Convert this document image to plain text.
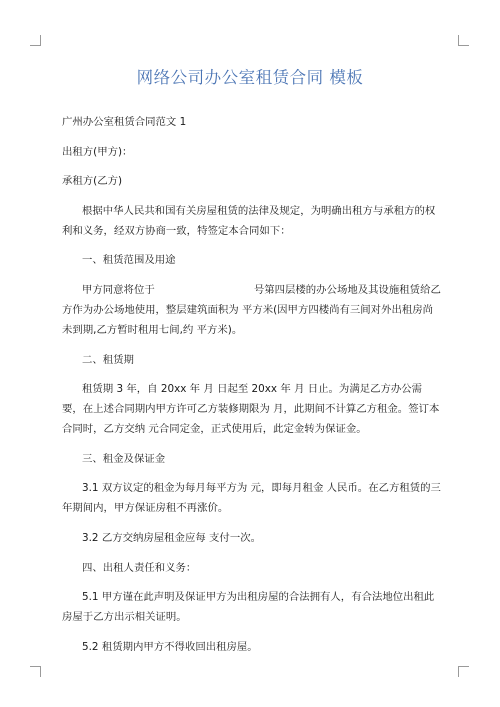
网络公司办公室租赁合同 模板

广州办公室租赁合同范文 1

出租方(甲方)：

承租方(乙方)

根据中华人民共和国有关房屋租赁的法律及规定，为明确出租方与承租方的权利和义务，经双方协商一致，特签定本合同如下：

一、租赁范围及用途

甲方同意将位于                              号第四层楼的办公场地及其设施租赁给乙方作为办公场地使用，整层建筑面积为 平方米(因甲方四楼尚有三间对外出租房尚未到期,乙方暂时租用七间,约 平方米)。

二、租赁期

租赁期 3 年，自 20xx 年 月 日起至 20xx 年 月 日止。为满足乙方办公需要，在上述合同期内甲方许可乙方装修期限为 月，此期间不计算乙方租金。签订本合同时，乙方交纳 元合同定金，正式使用后，此定金转为保证金。

三、租金及保证金

3.1 双方议定的租金为每月每平方为 元，即每月租金 人民币。在乙方租赁的三年期间内，甲方保证房租不再涨价。

3.2 乙方交纳房屋租金应每 支付一次。

四、出租人责任和义务：

5.1 甲方谨在此声明及保证甲方为出租房屋的合法拥有人，有合法地位出租此房屋于乙方出示相关证明。

5.2 租赁期内甲方不得收回出租房屋。
